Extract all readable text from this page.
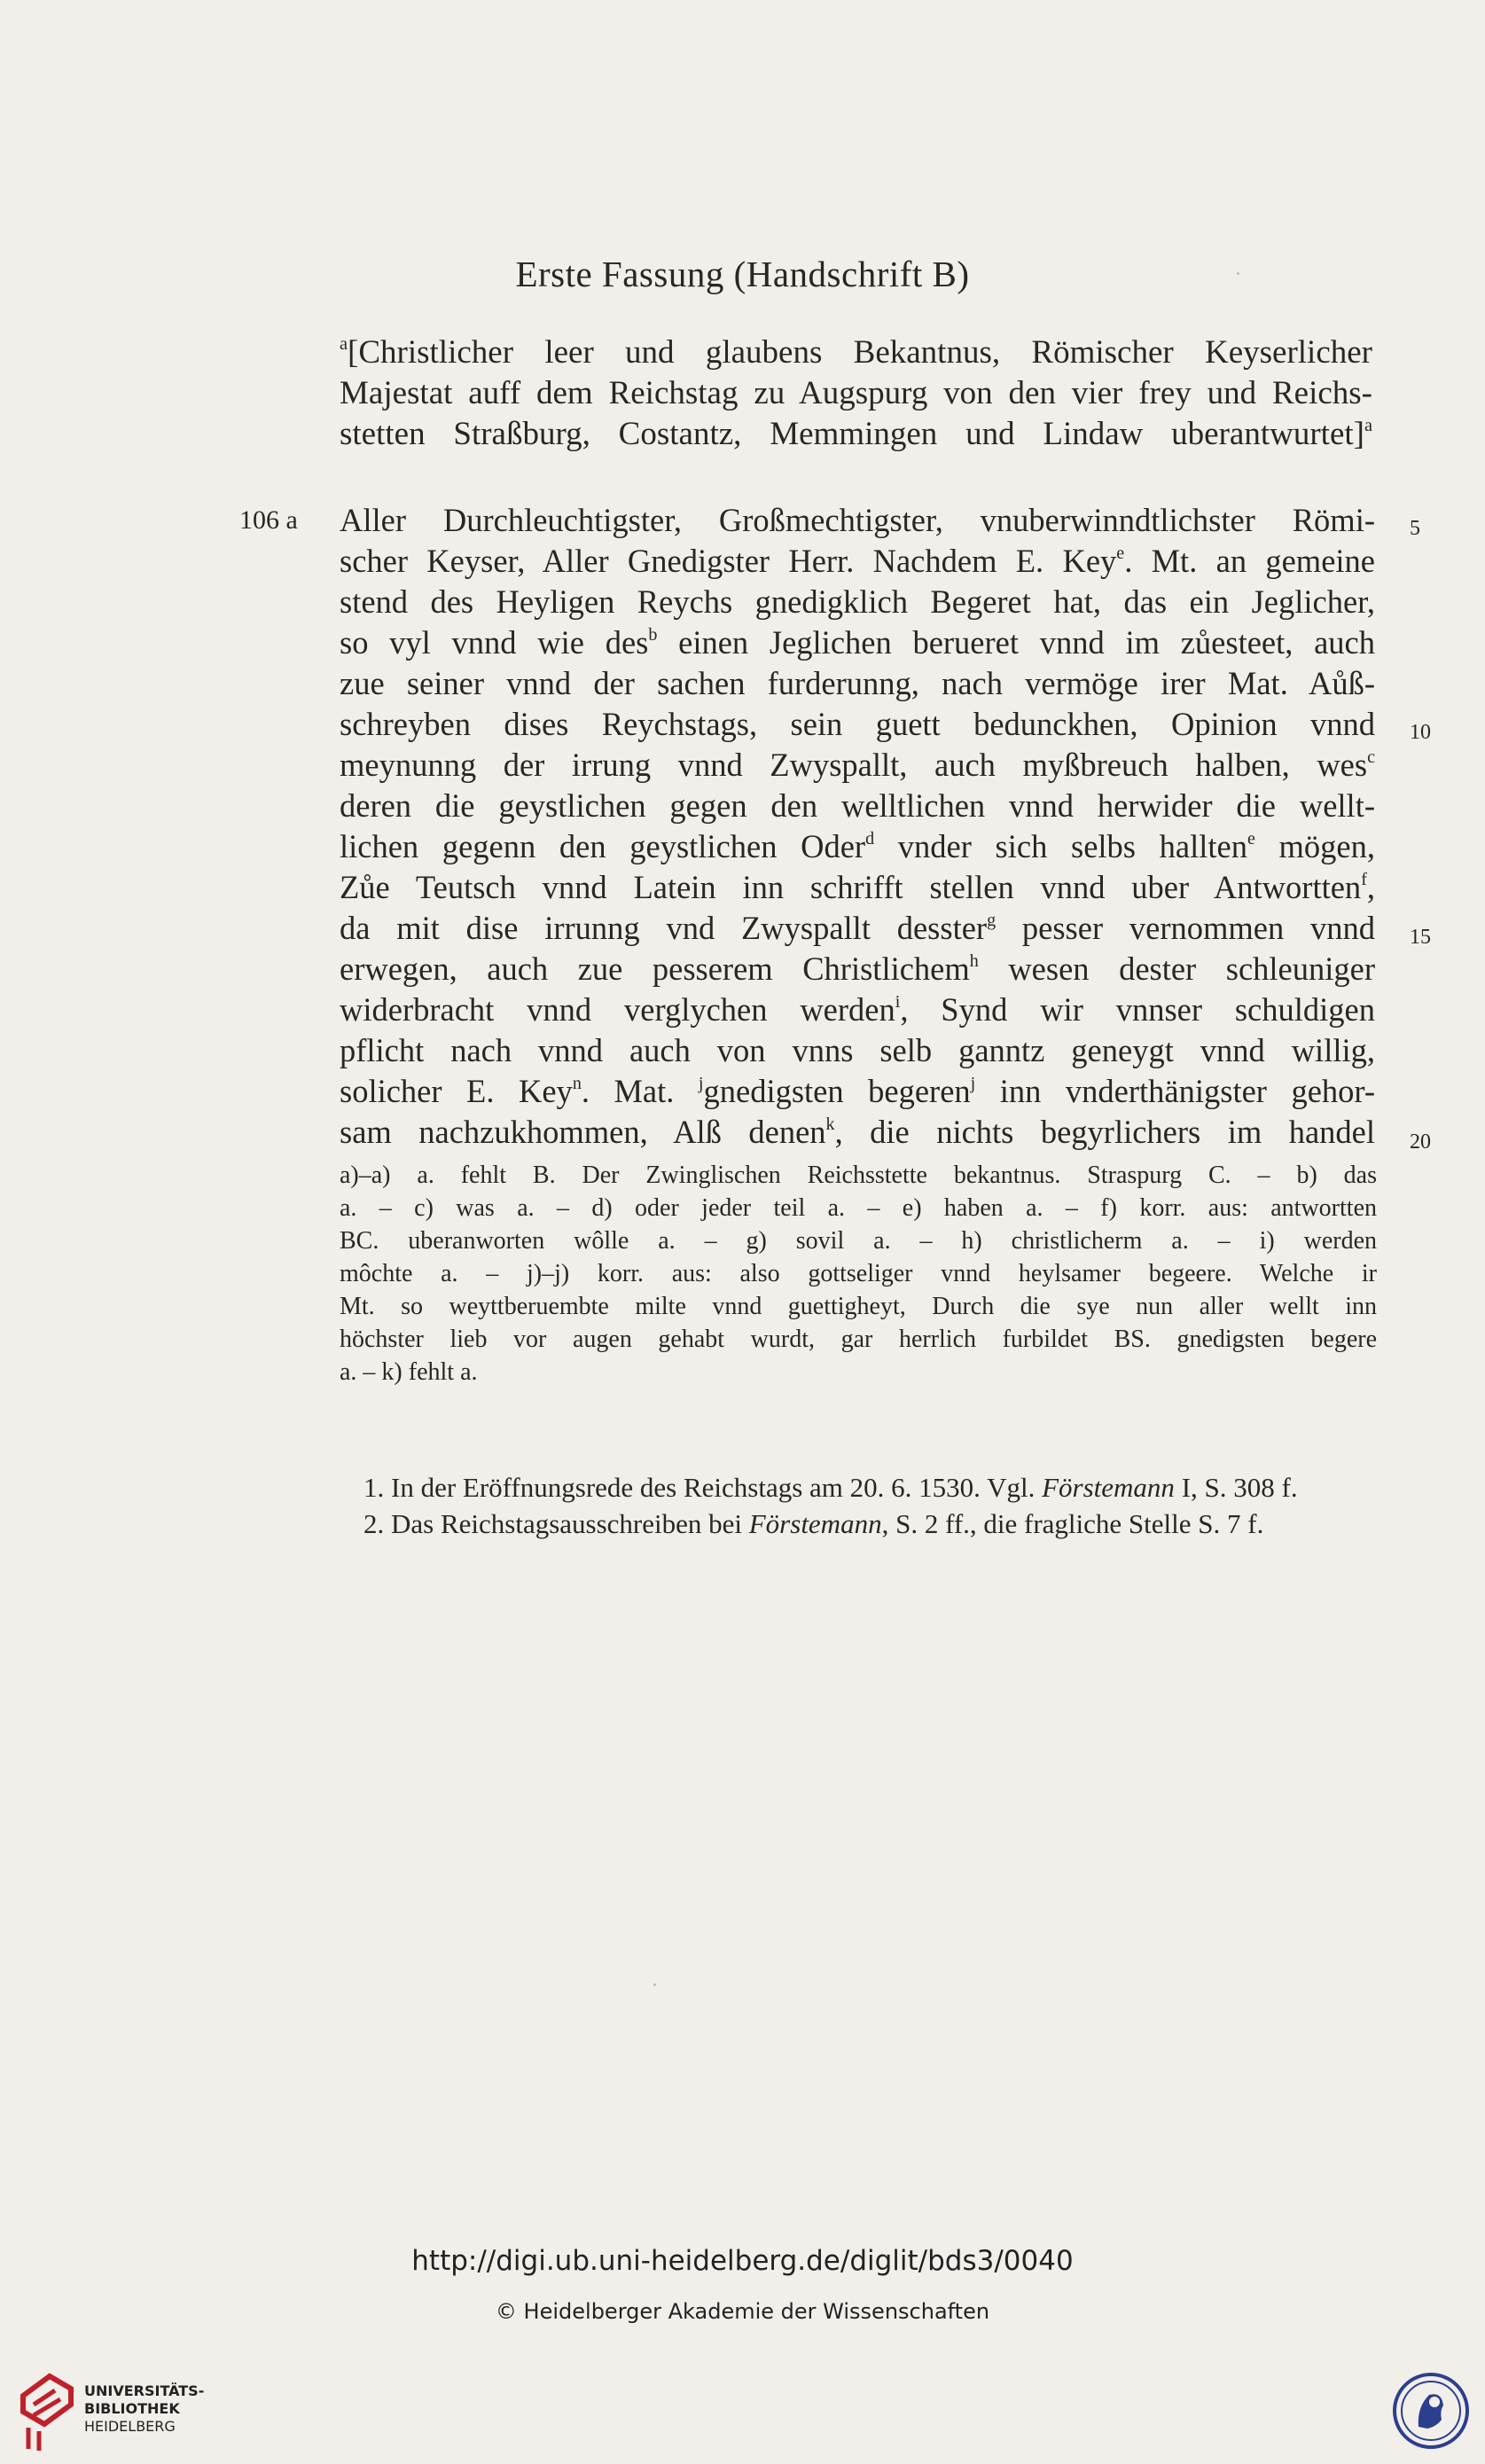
Erste Fassung (Handschrift B)
$^a$[Christlicher leer und glaubens Bekantnus, Römischer Keyserlicher
Majestat auff dem Reichstag zu Augspurg von den vier frey und Reichs-
stetten Straßburg, Costantz, Memmingen und Lindaw uberantwurtet]$^a$
106 a	5
10
15
20
Aller Durchleuchtigster, Großmechtigster, vnuberwinndtlichster Römi-
scher Keyser, Aller Gnedigster Herr. Nachdem E. Key$^e$. Mt. an gemeine
stend des Heyligen Reychs gnedigklich Begeret hat, das ein Jeglicher,
so vyl vnnd wie des$^b$ einen Jeglichen berueret vnnd im zůesteet, auch
zue seiner vnnd der sachen furderunng, nach vermöge irer Mat. Aůß-
schreyben dises Reychstags, sein guett bedunckhen, Opinion vnnd
meynunng der irrung vnnd Zwyspallt, auch myßbreuch halben, wes$^c$
deren die geystlichen gegen den welltlichen vnnd herwider die wellt-
lichen gegenn den geystlichen Oder$^d$ vnder sich selbs hallten$^e$ mögen,
Zůe Teutsch vnnd Latein inn schrifft stellen vnnd uber Antwortten$^f$,
da mit dise irrunng vnd Zwyspallt desster$^g$ pesser vernommen vnnd
erwegen, auch zue pesserem Christlichem$^h$ wesen dester schleuniger
widerbracht vnnd verglychen werden$^i$, Synd wir vnnser schuldigen
pflicht nach vnnd auch von vnns selb ganntz geneygt vnnd willig,
solicher E. Key$^n$. Mat. $^j$gnedigsten begeren$^j$ inn vnderthänigster gehor-
sam nachzukhommen, Alß denen$^k$, die nichts begyrlichers im handel
a)–a) a. fehlt B. Der Zwinglischen Reichsstette bekantnus. Straspurg C. – b) das
a. – c) was a. – d) oder jeder teil a. – e) haben a. – f) korr. aus: antwortten
BC. uberanworten wôlle a. – g) sovil a. – h) christlicherm a. – i) werden
môchte a. – j)–j) korr. aus: also gottseliger vnnd heylsamer begeere. Welche ir
Mt. so weyttberuembte milte vnnd guettigheyt, Durch die sye nun aller wellt inn
höchster lieb vor augen gehabt wurdt, gar herrlich furbildet BS. gnedigsten begere
a. – k) fehlt a.
1. In der Eröffnungsrede des Reichstags am 20. 6. 1530. Vgl. Förstemann I, S. 308 f.
2. Das Reichstagsausschreiben bei Förstemann, S. 2 ff., die fragliche Stelle S. 7 f.
http://digi.ub.uni-heidelberg.de/diglit/bds3/0040
© Heidelberger Akademie der Wissenschaften
UNIVERSITÄTS-
BIBLIOTHEK
HEIDELBERG
